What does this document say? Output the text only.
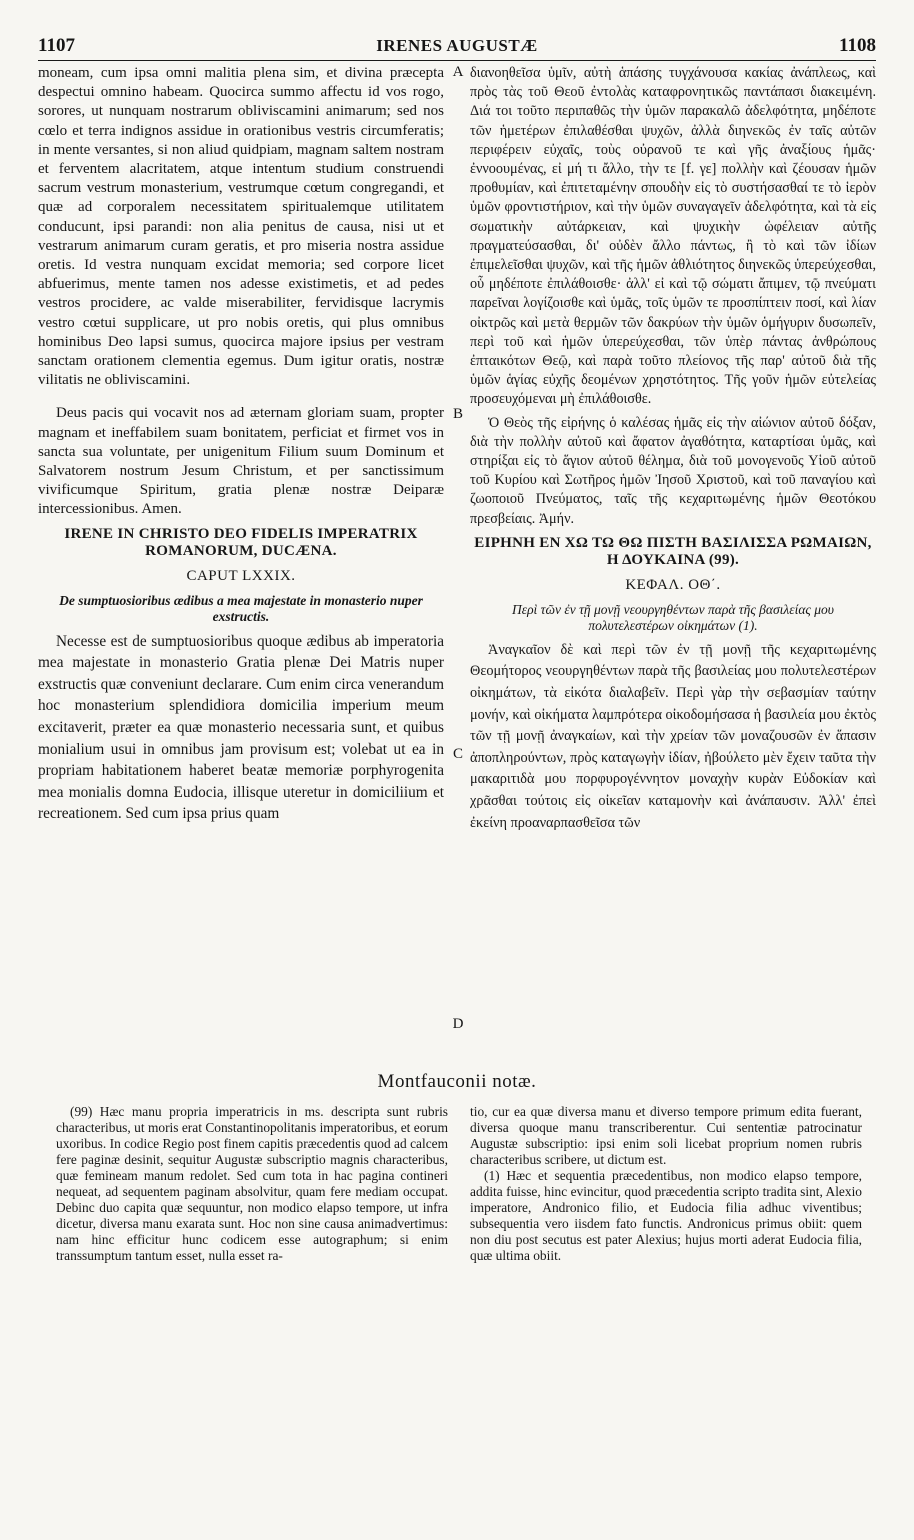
1107	IRENES AUGUSTÆ	1108
A
B
C
D

moneam, cum ipsa omni malitia plena sim, et divina præcepta despectui omnino habeam. Quocirca summo affectu id vos rogo, sorores, ut nunquam nostrarum obliviscamini animarum; sed nos cœlo et terra indignos assidue in orationibus vestris circumferatis; in mente versantes, si non aliud quidpiam, magnam saltem nostram et ferventem alacritatem, atque intentum studium construendi sacrum vestrum monasterium, vestrumque cœtum congregandi, et quæ ad corporalem necessitatem spiritualemque utilitatem conducunt, ipsi parandi: non alia penitus de causa, nisi ut et vestrarum animarum curam geratis, et pro miseria nostra assidue oretis. Id vestra nunquam excidat memoria; sed corpore licet abfuerimus, mente tamen nos adesse existimetis, et ad pedes vestros procidere, ac valde miserabiliter, fervidisque lacrymis vestro cœtui supplicare, ut pro nobis oretis, qui plus omnibus hominibus Deo lapsi sumus, quocirca majore ipsius per vestram sanctam orationem clementia egemus. Dum igitur oratis, nostræ vilitatis ne obliviscamini.

Deus pacis qui vocavit nos ad æternam gloriam suam, propter magnam et ineffabilem suam bonitatem, perficiat et firmet vos in sancta sua voluntate, per unigenitum Filium suum Dominum et Salvatorem nostrum Jesum Christum, et per sanctissimum vivificumque Spiritum, gratia plenæ nostræ Deiparæ intercessionibus. Amen.

IRENE IN CHRISTO DEO FIDELIS IMPERATRIX ROMANORUM, DUCÆNA.
CAPUT LXXIX.
De sumptuosioribus ædibus a mea majestate in monasterio nuper exstructis.

Necesse est de sumptuosioribus quoque ædibus ab imperatoria mea majestate in monasterio Gratia plenæ Dei Matris nuper exstructis quæ conveniunt declarare. Cum enim circa venerandum hoc monasterium splendidiora domicilia imperium meum excitaverit, præter ea quæ monasterio necessaria sunt, et quibus monialium usui in omnibus jam provisum est; volebat ut ea in propriam habitationem haberet beatæ memoriæ porphyrogenita mea monialis domna Eudocia, illisque uteretur in domiciliium et recreationem. Sed cum ipsa prius quam

διανοηθεῖσα ὑμῖν, αὐτὴ ἁπάσης τυγχάνουσα κακίας ἀνάπλεως, καὶ πρὸς τὰς τοῦ Θεοῦ ἐντολὰς καταφρονητικῶς παντάπασι διακειμένη. Διά τοι τοῦτο περιπαθῶς τὴν ὑμῶν παρακαλῶ ἀδελφότητα, μηδέποτε τῶν ἡμετέρων ἐπιλαθέσθαι ψυχῶν, ἀλλὰ διηνεκῶς ἐν ταῖς αὐτῶν περιφέρειν εὐχαῖς, τοὺς οὐρανοῦ τε καὶ γῆς ἀναξίους ἡμᾶς· ἐννοουμένας, εἰ μή τι ἄλλο, τὴν τε [f. γε] πολλὴν καὶ ζέουσαν ἡμῶν προθυμίαν, καὶ ἐπιτεταμένην σπουδὴν εἰς τὸ συστήσασθαί τε τὸ ἱερὸν ὑμῶν φροντιστήριον, καὶ τὴν ὑμῶν συναγαγεῖν ἀδελφότητα, καὶ τὰ εἰς σωματικὴν αὐτάρκειαν, καὶ ψυχικὴν ὠφέλειαν αὐτῆς πραγματεύσασθαι, δι' οὐδὲν ἄλλο πάντως, ἢ τὸ καὶ τῶν ἰδίων ἐπιμελεῖσθαι ψυχῶν, καὶ τῆς ἡμῶν ἀθλιότητος διηνεκῶς ὑπερεύχεσθαι, οὗ μηδέποτε ἐπιλάθοισθε· ἀλλ' εἰ καὶ τῷ σώματι ἄπιμεν, τῷ πνεύματι παρεῖναι λογίζοισθε καὶ ὑμᾶς, τοῖς ὑμῶν τε προσπίπτειν ποσί, καὶ λίαν οἰκτρῶς καὶ μετὰ θερμῶν τῶν δακρύων τὴν ὑμῶν ὁμήγυριν δυσωπεῖν, περὶ τοῦ καὶ ἡμῶν ὑπερεύχεσθαι, τῶν ὑπὲρ πάντας ἀνθρώπους ἐπταικότων Θεῷ, καὶ παρὰ τοῦτο πλείονος τῆς παρ' αὐτοῦ διὰ τῆς ὑμῶν ἁγίας εὐχῆς δεομένων χρηστότητος. Τῆς γοῦν ἡμῶν εὐτελείας προσευχόμεναι μὴ ἐπιλάθοισθε.

Ὁ Θεὸς τῆς εἰρήνης ὁ καλέσας ἡμᾶς εἰς τὴν αἰώνιον αὐτοῦ δόξαν, διὰ τὴν πολλὴν αὐτοῦ καὶ ἄφατον ἀγαθότητα, καταρτίσαι ὑμᾶς, καὶ στηρίξαι εἰς τὸ ἅγιον αὐτοῦ θέλημα, διὰ τοῦ μονογενοῦς Υἱοῦ αὐτοῦ τοῦ Κυρίου καὶ Σωτῆρος ἡμῶν Ἰησοῦ Χριστοῦ, καὶ τοῦ παναγίου καὶ ζωοποιοῦ Πνεύματος, ταῖς τῆς κεχαριτωμένης ἡμῶν Θεοτόκου πρεσβείαις. Ἀμήν.

ΕΙΡΗΝΗ ΕΝ ΧΩ ΤΩ ΘΩ ΠΙΣΤΗ ΒΑΣΙΛΙΣΣΑ ΡΩΜΑΙΩΝ, Η ΔΟΥΚΑΙΝΑ (99).
ΚΕΦΑΛ. ΟΘ΄.
Περὶ τῶν ἐν τῇ μονῇ νεουργηθέντων παρὰ τῆς βασιλείας μου πολυτελεστέρων οἰκημάτων (1).

Ἀναγκαῖον δὲ καὶ περὶ τῶν ἐν τῇ μονῇ τῆς κεχαριτωμένης Θεομήτορος νεουργηθέντων παρὰ τῆς βασιλείας μου πολυτελεστέρων οἰκημάτων, τὰ εἰκότα διαλαβεῖν. Περὶ γὰρ τὴν σεβασμίαν ταύτην μονήν, καὶ οἰκήματα λαμπρότερα οἰκοδομήσασα ἡ βασιλεία μου ἐκτὸς τῶν τῇ μονῇ ἀναγκαίων, καὶ τὴν χρείαν τῶν μοναζουσῶν ἐν ἅπασιν ἀποπληρούντων, πρὸς καταγωγὴν ἰδίαν, ἠβούλετο μὲν ἔχειν ταῦτα τὴν μακαριτιδὰ μου πορφυρογέννητον μοναχὴν κυρὰν Εὐδοκίαν καὶ χρᾶσθαι τούτοις εἰς οἰκεῖαν καταμονὴν καὶ ἀνάπαυσιν. Ἀλλ' ἐπεὶ ἐκείνη προαναρπασθεῖσα τῶν

Montfauconii notæ.

(99) Hæc manu propria imperatricis in ms. descripta sunt rubris characteribus, ut moris erat Constantinopolitanis imperatoribus, et eorum uxoribus. In codice Regio post finem capitis præcedentis quod ad calcem fere paginæ desinit, sequitur Augustæ subscriptio magnis characteribus, quæ femineam manum redolet. Sed cum tota in hac pagina contineri nequeat, ad sequentem paginam absolvitur, quam fere mediam occupat. Debinc duo capita quæ sequuntur, non modico elapso tempore, ut infra dicetur, diversa manu exarata sunt. Hoc non sine causa animadvertimus: nam hinc efficitur hunc codicem esse autographum; si enim transsumptum tantum esset, nulla esset ra-

tio, cur ea quæ diversa manu et diverso tempore primum edita fuerant, diversa quoque manu transcriberentur. Cui sententiæ patrocinatur Augustæ subscriptio: ipsi enim soli licebat proprium nomen rubris characteribus scribere, ut dictum est.

(1) Hæc et sequentia præcedentibus, non modico elapso tempore, addita fuisse, hinc evincitur, quod præcedentia scripto tradita sint, Alexio imperatore, Andronico filio, et Eudocia filia adhuc viventibus; subsequentia vero iisdem fato functis. Andronicus primus obiit: quem non diu post secutus est pater Alexius; hujus morti aderat Eudocia filia, quæ ultima obiit.
